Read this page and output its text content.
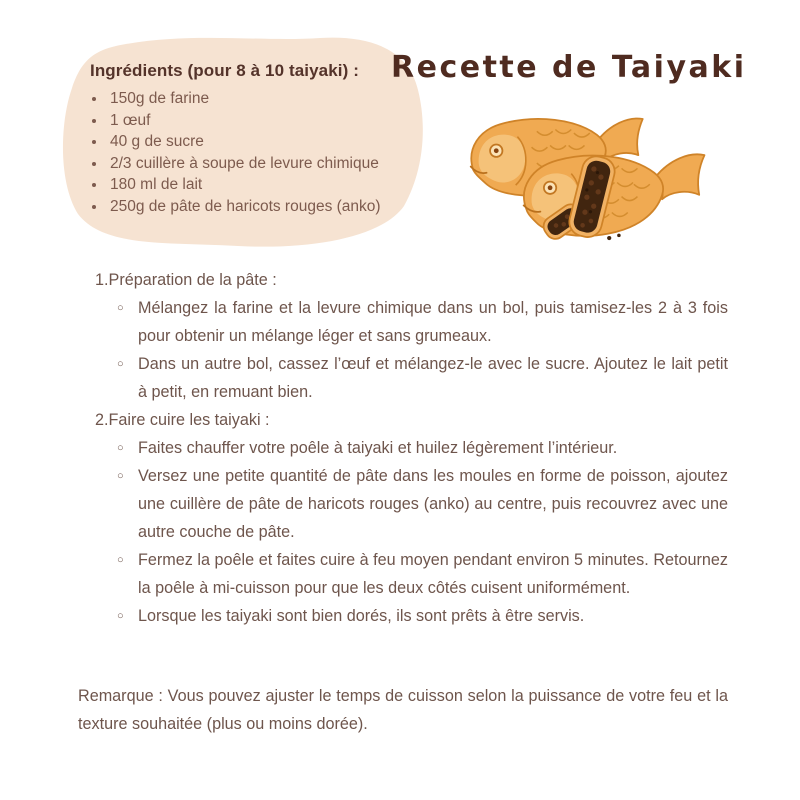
Ingrédients (pour 8 à 10 taiyaki) :
• 150g de farine
• 1 œuf
• 40 g de sucre
• 2/3 cuillère à soupe de levure chimique
• 180 ml de lait
• 250g de pâte de haricots rouges (anko)
Recette de Taiyaki

1.Préparation de la pâte :

○ Mélangez la farine et la levure chimique dans un bol, puis tamisez-les 2 à 3 fois pour obtenir un mélange léger et sans grumeaux.
○ Dans un autre bol, cassez l’œuf et mélangez-le avec le sucre. Ajoutez le lait petit à petit, en remuant bien.

2.Faire cuire les taiyaki :

○ Faites chauffer votre poêle à taiyaki et huilez légèrement l’intérieur.
○ Versez une petite quantité de pâte dans les moules en forme de poisson, ajoutez une cuillère de pâte de haricots rouges (anko) au centre, puis recouvrez avec une autre couche de pâte.
○ Fermez la poêle et faites cuire à feu moyen pendant environ 5 minutes. Retournez la poêle à mi-cuisson pour que les deux côtés cuisent uniformément.
○ Lorsque les taiyaki sont bien dorés, ils sont prêts à être servis.

Remarque : Vous pouvez ajuster le temps de cuisson selon la puissance de votre feu et la texture souhaitée (plus ou moins dorée).
